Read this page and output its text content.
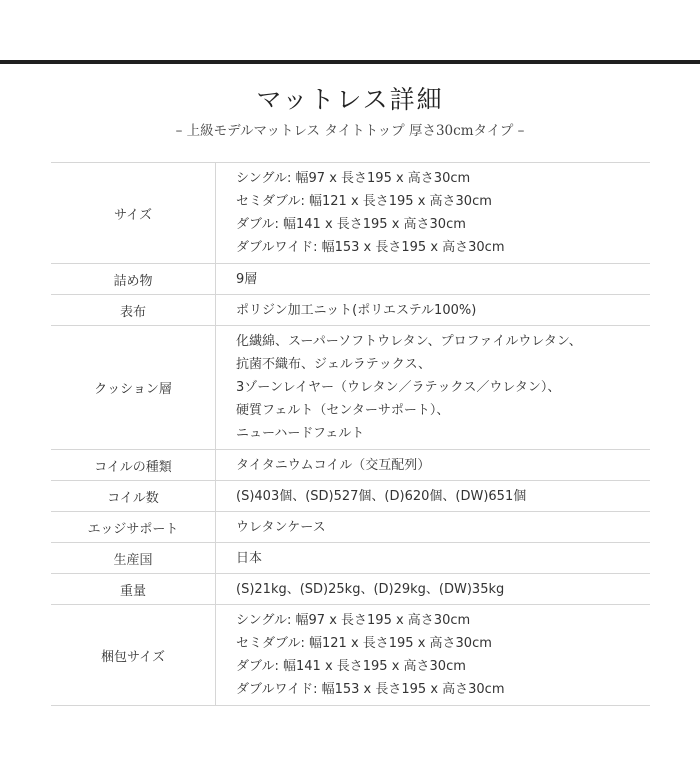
マットレス詳細
– 上級モデルマットレス タイトトップ 厚さ30cmタイプ –
サイズ	シングル: 幅97 x 長さ195 x 高さ30cm
セミダブル: 幅121 x 長さ195 x 高さ30cm
ダブル: 幅141 x 長さ195 x 高さ30cm
ダブルワイド: 幅153 x 長さ195 x 高さ30cm

詰め物	9層

表布	ポリジン加工ニット(ポリエステル100%)

クッション層	化繊綿、スーパーソフトウレタン、プロファイルウレタン、
抗菌不織布、ジェルラテックス、
3ゾーンレイヤー（ウレタン／ラテックス／ウレタン）、
硬質フェルト（センターサポート）、
ニューハードフェルト

コイルの種類	タイタニウムコイル（交互配列）

コイル数	(S)403個、(SD)527個、(D)620個、(DW)651個

エッジサポート	ウレタンケース

生産国	日本

重量	(S)21kg、(SD)25kg、(D)29kg、(DW)35kg

梱包サイズ	シングル: 幅97 x 長さ195 x 高さ30cm
セミダブル: 幅121 x 長さ195 x 高さ30cm
ダブル: 幅141 x 長さ195 x 高さ30cm
ダブルワイド: 幅153 x 長さ195 x 高さ30cm
